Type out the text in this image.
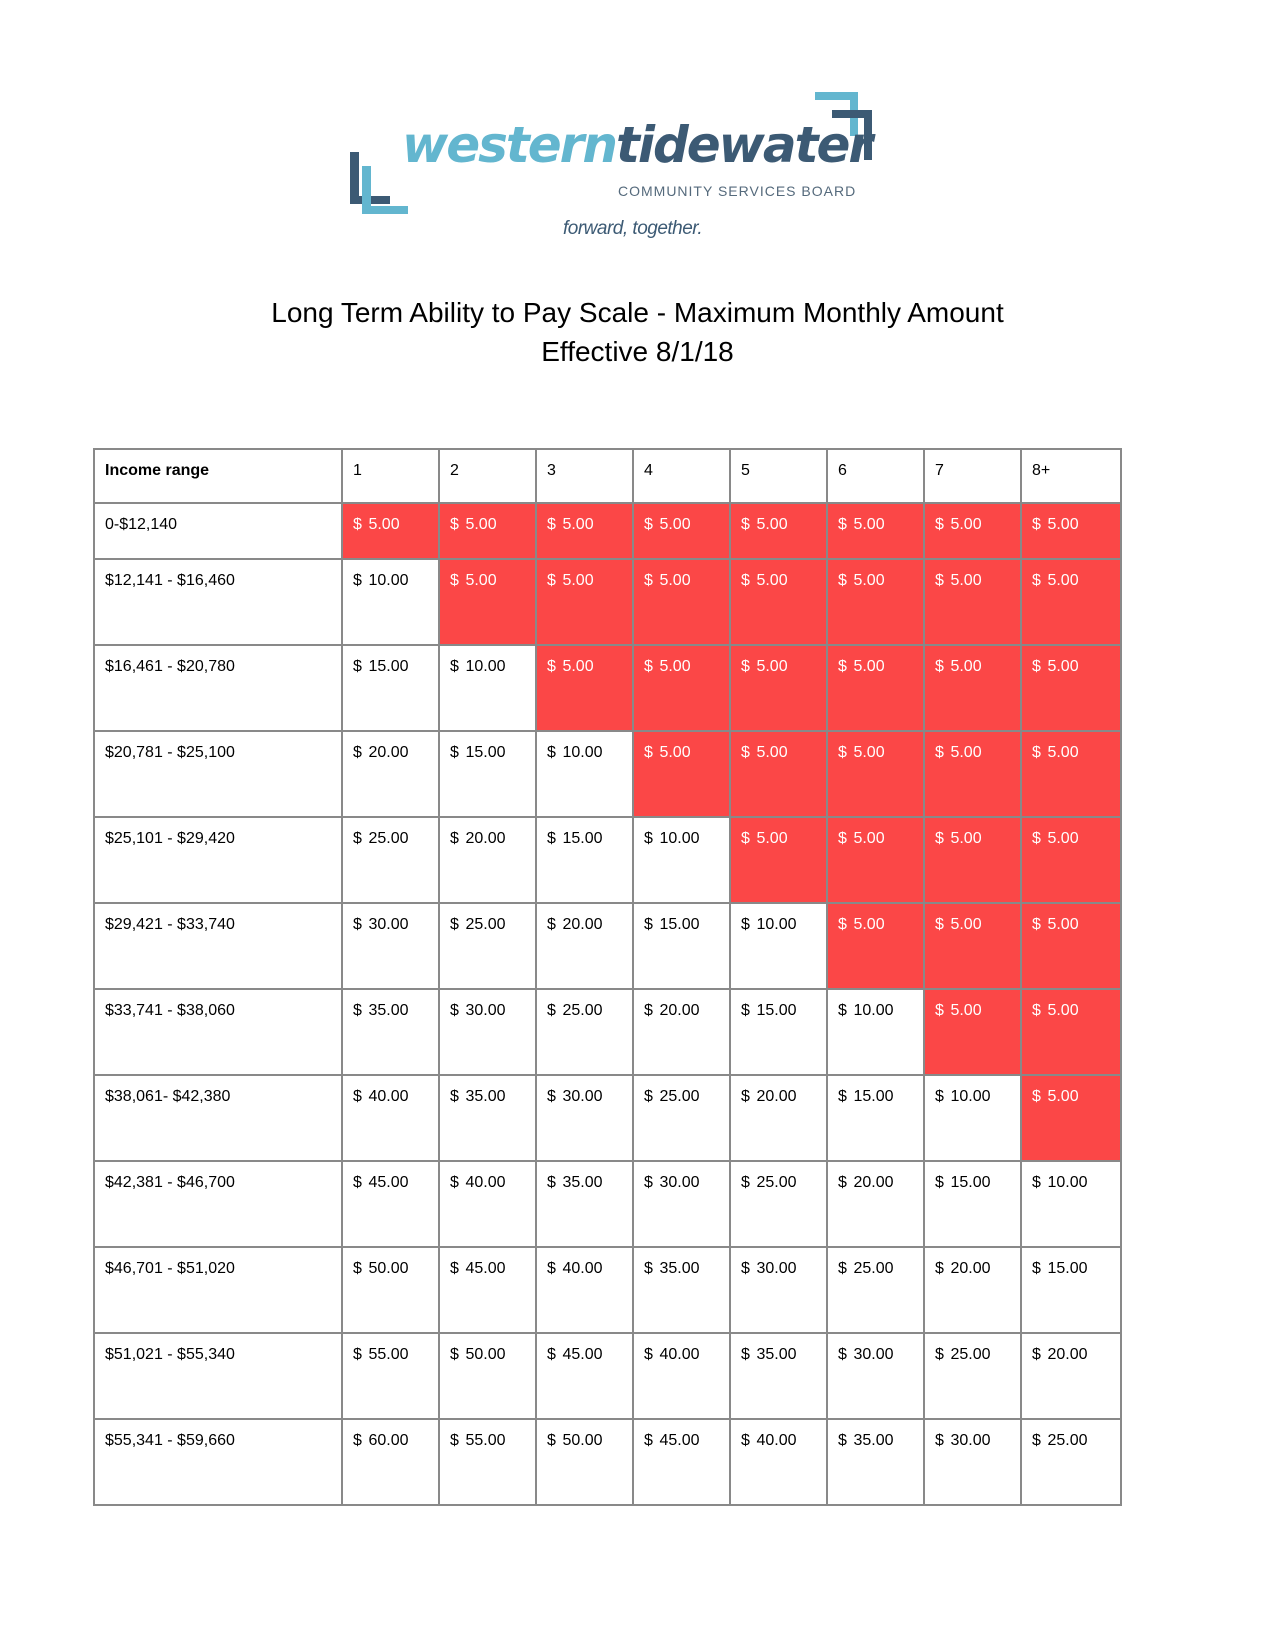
westerntidewater

COMMUNITY SERVICES BOARD
forward, together.
Long Term Ability to Pay Scale - Maximum Monthly Amount
Effective 8/1/18
Income range	1	2	3	4	5	6	7	8+
0-$12,140	$ 5.00	$ 5.00	$ 5.00	$ 5.00	$ 5.00	$ 5.00	$ 5.00	$ 5.00
$12,141 - $16,460	$ 10.00	$ 5.00	$ 5.00	$ 5.00	$ 5.00	$ 5.00	$ 5.00	$ 5.00
$16,461 - $20,780	$ 15.00	$ 10.00	$ 5.00	$ 5.00	$ 5.00	$ 5.00	$ 5.00	$ 5.00
$20,781 - $25,100	$ 20.00	$ 15.00	$ 10.00	$ 5.00	$ 5.00	$ 5.00	$ 5.00	$ 5.00
$25,101 - $29,420	$ 25.00	$ 20.00	$ 15.00	$ 10.00	$ 5.00	$ 5.00	$ 5.00	$ 5.00
$29,421 - $33,740	$ 30.00	$ 25.00	$ 20.00	$ 15.00	$ 10.00	$ 5.00	$ 5.00	$ 5.00
$33,741 - $38,060	$ 35.00	$ 30.00	$ 25.00	$ 20.00	$ 15.00	$ 10.00	$ 5.00	$ 5.00
$38,061- $42,380	$ 40.00	$ 35.00	$ 30.00	$ 25.00	$ 20.00	$ 15.00	$ 10.00	$ 5.00
$42,381 - $46,700	$ 45.00	$ 40.00	$ 35.00	$ 30.00	$ 25.00	$ 20.00	$ 15.00	$ 10.00
$46,701 - $51,020	$ 50.00	$ 45.00	$ 40.00	$ 35.00	$ 30.00	$ 25.00	$ 20.00	$ 15.00
$51,021 - $55,340	$ 55.00	$ 50.00	$ 45.00	$ 40.00	$ 35.00	$ 30.00	$ 25.00	$ 20.00
$55,341 - $59,660	$ 60.00	$ 55.00	$ 50.00	$ 45.00	$ 40.00	$ 35.00	$ 30.00	$ 25.00
